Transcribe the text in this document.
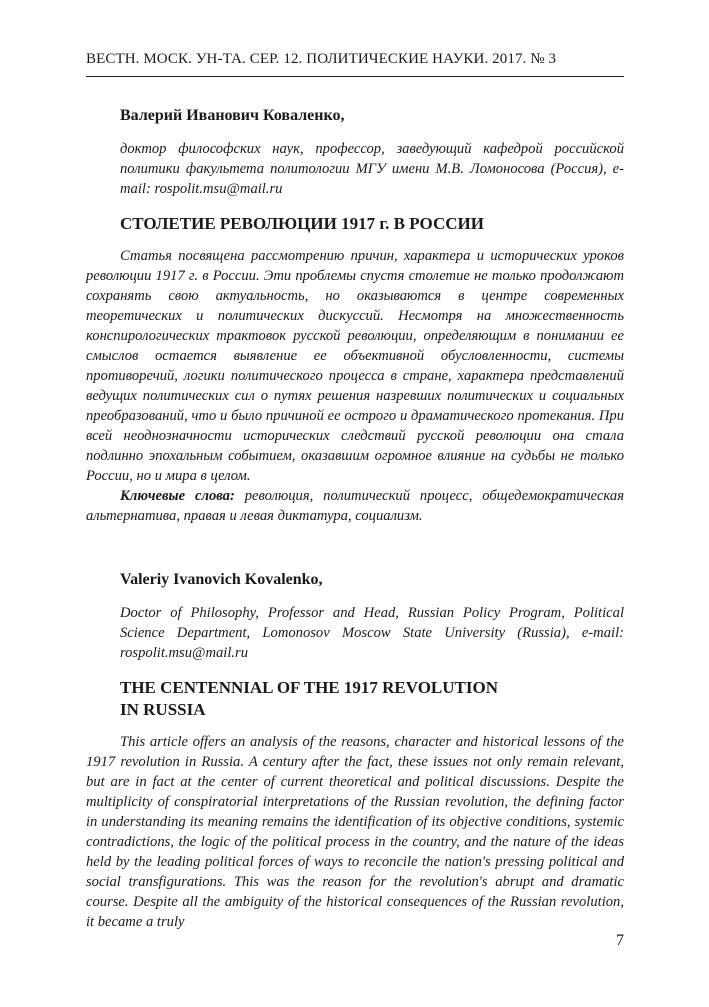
ВЕСТН. МОСК. УН-ТА. СЕР. 12. ПОЛИТИЧЕСКИЕ НАУКИ. 2017. № 3
Валерий Иванович Коваленко,
доктор философских наук, профессор, заведующий кафедрой российской политики факультета политологии МГУ имени М.В. Ломоносова (Россия), e-mail: rospolit.msu@mail.ru
СТОЛЕТИЕ РЕВОЛЮЦИИ 1917 г. В РОССИИ

Статья посвящена рассмотрению причин, характера и исторических уроков революции 1917 г. в России. Эти проблемы спустя столетие не только продолжают сохранять свою актуальность, но оказываются в центре современных теоретических и политических дискуссий. Несмотря на множественность конспирологических трактовок русской революции, определяющим в понимании ее смыслов остается выявление ее объективной обусловленности, системы противоречий, логики политического процесса в стране, характера представлений ведущих политических сил о путях решения назревших политических и социальных преобразований, что и было причиной ее острого и драматического протекания. При всей неоднозначности исторических следствий русской революции она стала подлинно эпохальным событием, оказавшим огромное влияние на судьбы не только России, но и мира в целом.

Ключевые слова: революция, политический процесс, общедемократическая альтернатива, правая и левая диктатура, социализм.

Valeriy Ivanovich Kovalenko,
Doctor of Philosophy, Professor and Head, Russian Policy Program, Political Science Department, Lomonosov Moscow State University (Russia), e-mail: rospolit.msu@mail.ru
THE CENTENNIAL OF THE 1917 REVOLUTION
IN RUSSIA

This article offers an analysis of the reasons, character and historical lessons of the 1917 revolution in Russia. A century after the fact, these issues not only remain relevant, but are in fact at the center of current theoretical and political discussions. Despite the multiplicity of conspiratorial interpretations of the Russian revolution, the defining factor in understanding its meaning remains the identification of its objective conditions, systemic contradictions, the logic of the political process in the country, and the nature of the ideas held by the leading political forces of ways to reconcile the nation's pressing political and social transfigurations. This was the reason for the revolution's abrupt and dramatic course. Despite all the ambiguity of the historical consequences of the Russian revolution, it became a truly

7
